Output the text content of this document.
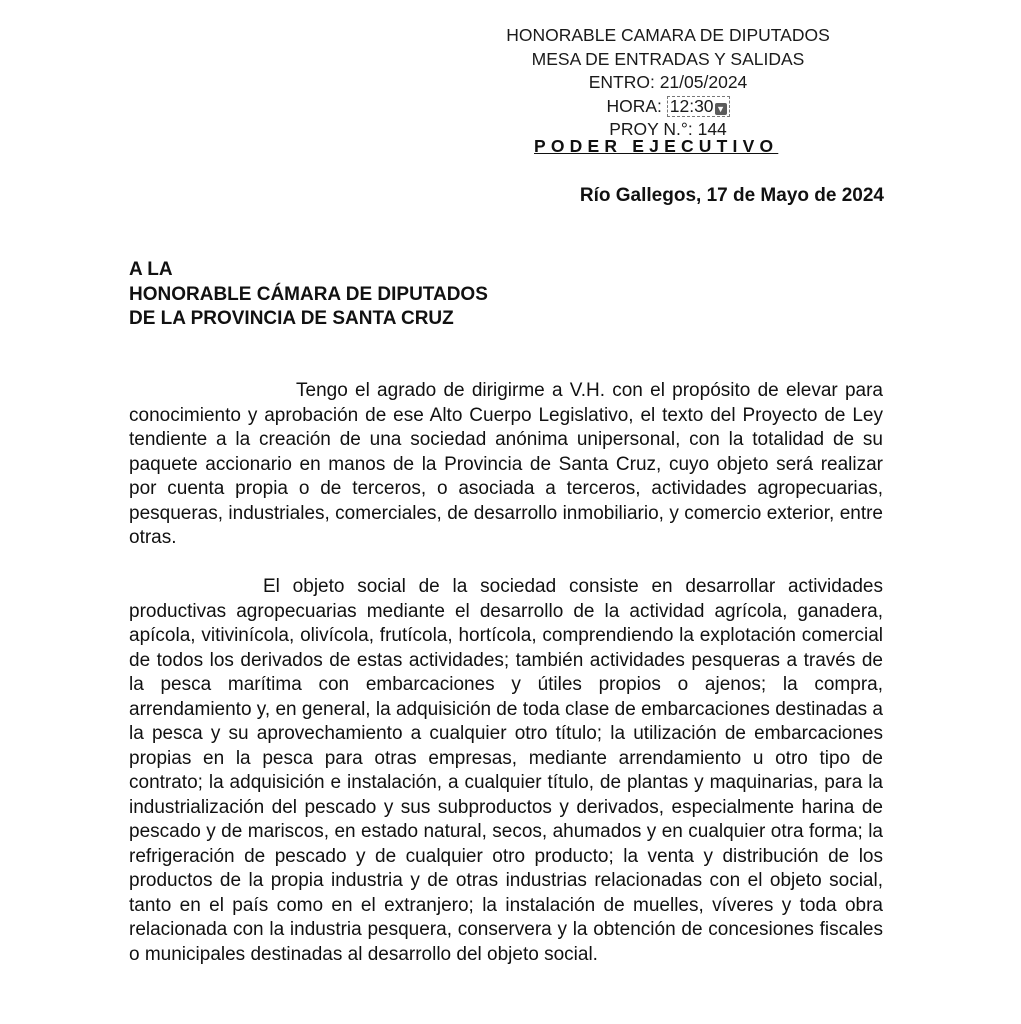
HONORABLE CAMARA DE DIPUTADOS
MESA DE ENTRADAS Y SALIDAS
ENTRO: 21/05/2024
HORA: 12:30 ▼
PROY N.°: 144
PODER EJECUTIVO
Río Gallegos, 17 de Mayo de 2024
A LA
HONORABLE CÁMARA DE DIPUTADOS
DE LA PROVINCIA DE SANTA CRUZ
Tengo el agrado de dirigirme a V.H. con el propósito de elevar para conocimiento y aprobación de ese Alto Cuerpo Legislativo, el texto del Proyecto de Ley tendiente a la creación de una sociedad anónima unipersonal, con la totalidad de su paquete accionario en manos de la Provincia de Santa Cruz, cuyo objeto será realizar por cuenta propia o de terceros, o asociada a terceros, actividades agropecuarias, pesqueras, industriales, comerciales, de desarrollo inmobiliario, y comercio exterior, entre otras.
El objeto social de la sociedad consiste en desarrollar actividades productivas agropecuarias mediante el desarrollo de la actividad agrícola, ganadera, apícola, vitivinícola, olivícola, frutícola, hortícola, comprendiendo la explotación comercial de todos los derivados de estas actividades; también actividades pesqueras a través de la pesca marítima con embarcaciones y útiles propios o ajenos; la compra, arrendamiento y, en general, la adquisición de toda clase de embarcaciones destinadas a la pesca y su aprovechamiento a cualquier otro título; la utilización de embarcaciones propias en la pesca para otras empresas, mediante arrendamiento u otro tipo de contrato; la adquisición e instalación, a cualquier título, de plantas y maquinarias, para la industrialización del pescado y sus subproductos y derivados, especialmente harina de pescado y de mariscos, en estado natural, secos, ahumados y en cualquier otra forma; la refrigeración de pescado y de cualquier otro producto; la venta y distribución de los productos de la propia industria y de otras industrias relacionadas con el objeto social, tanto en el país como en el extranjero; la instalación de muelles, víveres y toda obra relacionada con la industria pesquera, conservera y la obtención de concesiones fiscales o municipales destinadas al desarrollo del objeto social.
